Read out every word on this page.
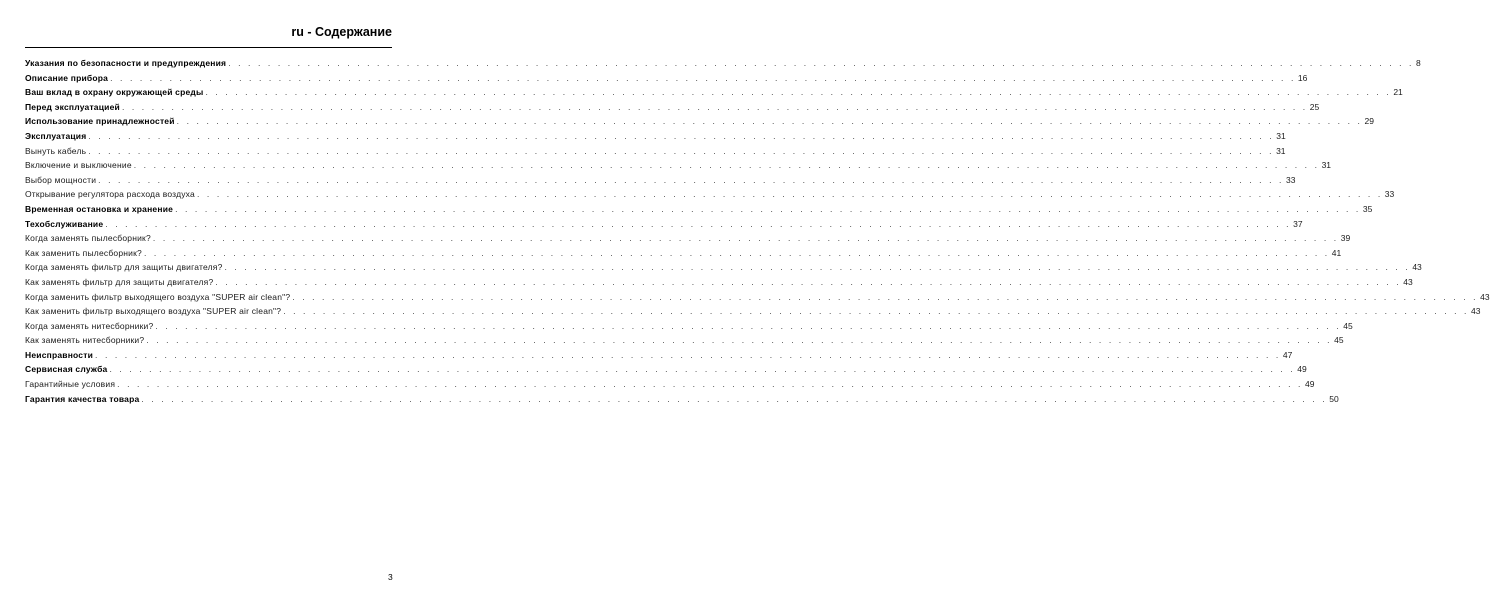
ru - Содержание
Указания по безопасности и предупреждения . . . . . . . . . . . . . . . . . . . . . . . . . . . . . . . . . . . . . . . . . . . . . . . . . . . . . . . . . . . . . . . . . . . . . . . . . . . . . . . . . . . . . . . . . . . . . . . . . . . . . . . . . . . . . . . . . . . . . . . . 8
Описание прибора . . . . . . . . . . . . . . . . . . . . . . . . . . . . . . . . . . . . . . . . . . . . . . . . . . . . . . . . . . . . . . . . . . . . . . . . . . . . . . . . . . . . . . . . . . . . . . . . . . . . . . . . . . . . . . . . . . . . . . . . 16
Ваш вклад в охрану окружающей среды . . . . . . . . . . . . . . . . . . . . . . . . . . . . . . . . . . . . . . . . . . . . . . . . . . . . . . . . . . . . . . . . . . . . . . . . . . . . . . . . . . . . . . . . . . . . . . . . . . . . . . . . . . . . . . . . . . . . . . . . 21
Перед эксплуатацией . . . . . . . . . . . . . . . . . . . . . . . . . . . . . . . . . . . . . . . . . . . . . . . . . . . . . . . . . . . . . . . . . . . . . . . . . . . . . . . . . . . . . . . . . . . . . . . . . . . . . . . . . . . . . . . . . . . . . . . . 25
Использование принадлежностей . . . . . . . . . . . . . . . . . . . . . . . . . . . . . . . . . . . . . . . . . . . . . . . . . . . . . . . . . . . . . . . . . . . . . . . . . . . . . . . . . . . . . . . . . . . . . . . . . . . . . . . . . . . . . . . . . . . . . . . . 29
Эксплуатация . . . . . . . . . . . . . . . . . . . . . . . . . . . . . . . . . . . . . . . . . . . . . . . . . . . . . . . . . . . . . . . . . . . . . . . . . . . . . . . . . . . . . . . . . . . . . . . . . . . . . . . . . . . . . . . . . . . . . . . . 31
Вынуть кабель . . . . . . . . . . . . . . . . . . . . . . . . . . . . . . . . . . . . . . . . . . . . . . . . . . . . . . . . . . . . . . . . . . . . . . . . . . . . . . . . . . . . . . . . . . . . . . . . . . . . . . . . . . . . . . . . . . . . . . . . 31
Включение и выключение . . . . . . . . . . . . . . . . . . . . . . . . . . . . . . . . . . . . . . . . . . . . . . . . . . . . . . . . . . . . . . . . . . . . . . . . . . . . . . . . . . . . . . . . . . . . . . . . . . . . . . . . . . . . . . . . . . . . . . . . 31
Выбор мощности . . . . . . . . . . . . . . . . . . . . . . . . . . . . . . . . . . . . . . . . . . . . . . . . . . . . . . . . . . . . . . . . . . . . . . . . . . . . . . . . . . . . . . . . . . . . . . . . . . . . . . . . . . . . . . . . . . . . . . . . 33
Открывание регулятора расхода воздуха . . . . . . . . . . . . . . . . . . . . . . . . . . . . . . . . . . . . . . . . . . . . . . . . . . . . . . . . . . . . . . . . . . . . . . . . . . . . . . . . . . . . . . . . . . . . . . . . . . . . . . . . . . . . . . . . . . . . . . . . 33
Временная остановка и хранение . . . . . . . . . . . . . . . . . . . . . . . . . . . . . . . . . . . . . . . . . . . . . . . . . . . . . . . . . . . . . . . . . . . . . . . . . . . . . . . . . . . . . . . . . . . . . . . . . . . . . . . . . . . . . . . . . . . . . . . . 35
Техобслуживание . . . . . . . . . . . . . . . . . . . . . . . . . . . . . . . . . . . . . . . . . . . . . . . . . . . . . . . . . . . . . . . . . . . . . . . . . . . . . . . . . . . . . . . . . . . . . . . . . . . . . . . . . . . . . . . . . . . . . . . . 37
Когда заменять пылесборник? . . . . . . . . . . . . . . . . . . . . . . . . . . . . . . . . . . . . . . . . . . . . . . . . . . . . . . . . . . . . . . . . . . . . . . . . . . . . . . . . . . . . . . . . . . . . . . . . . . . . . . . . . . . . . . . . . . . . . . . . 39
Как заменить пылесборник? . . . . . . . . . . . . . . . . . . . . . . . . . . . . . . . . . . . . . . . . . . . . . . . . . . . . . . . . . . . . . . . . . . . . . . . . . . . . . . . . . . . . . . . . . . . . . . . . . . . . . . . . . . . . . . . . . . . . . . . . 41
Когда заменять фильтр для защиты двигателя? . . . . . . . . . . . . . . . . . . . . . . . . . . . . . . . . . . . . . . . . . . . . . . . . . . . . . . . . . . . . . . . . . . . . . . . . . . . . . . . . . . . . . . . . . . . . . . . . . . . . . . . . . . . . . . . . . . . . . . . . 43
Как заменять фильтр для защиты двигателя? . . . . . . . . . . . . . . . . . . . . . . . . . . . . . . . . . . . . . . . . . . . . . . . . . . . . . . . . . . . . . . . . . . . . . . . . . . . . . . . . . . . . . . . . . . . . . . . . . . . . . . . . . . . . . . . . . . . . . . . . 43
Когда заменить фильтр выходящего воздуха "SUPER air clean"? . . . . . . . . . . . . . . . . . . . . . . . . . . . . . . . . . . . . . . . . . . . . . . . . . . . . . . . . . . . . . . . . . . . . . . . . . . . . . . . . . . . . . . . . . . . . . . . . . . . . . . . . . . . . . . . . . . . . . . . . 43
Как заменить фильтр выходящего воздуха "SUPER air clean"? . . . . . . . . . . . . . . . . . . . . . . . . . . . . . . . . . . . . . . . . . . . . . . . . . . . . . . . . . . . . . . . . . . . . . . . . . . . . . . . . . . . . . . . . . . . . . . . . . . . . . . . . . . . . . . . . . . . . . . . . 43
Когда заменять нитесборники? . . . . . . . . . . . . . . . . . . . . . . . . . . . . . . . . . . . . . . . . . . . . . . . . . . . . . . . . . . . . . . . . . . . . . . . . . . . . . . . . . . . . . . . . . . . . . . . . . . . . . . . . . . . . . . . . . . . . . . . . 45
Как заменять нитесборники? . . . . . . . . . . . . . . . . . . . . . . . . . . . . . . . . . . . . . . . . . . . . . . . . . . . . . . . . . . . . . . . . . . . . . . . . . . . . . . . . . . . . . . . . . . . . . . . . . . . . . . . . . . . . . . . . . . . . . . . . 45
Неисправности . . . . . . . . . . . . . . . . . . . . . . . . . . . . . . . . . . . . . . . . . . . . . . . . . . . . . . . . . . . . . . . . . . . . . . . . . . . . . . . . . . . . . . . . . . . . . . . . . . . . . . . . . . . . . . . . . . . . . . . . 47
Сервисная служба . . . . . . . . . . . . . . . . . . . . . . . . . . . . . . . . . . . . . . . . . . . . . . . . . . . . . . . . . . . . . . . . . . . . . . . . . . . . . . . . . . . . . . . . . . . . . . . . . . . . . . . . . . . . . . . . . . . . . . . . 49
Гарантийные условия . . . . . . . . . . . . . . . . . . . . . . . . . . . . . . . . . . . . . . . . . . . . . . . . . . . . . . . . . . . . . . . . . . . . . . . . . . . . . . . . . . . . . . . . . . . . . . . . . . . . . . . . . . . . . . . . . . . . . . . . 49
Гарантия качества товара . . . . . . . . . . . . . . . . . . . . . . . . . . . . . . . . . . . . . . . . . . . . . . . . . . . . . . . . . . . . . . . . . . . . . . . . . . . . . . . . . . . . . . . . . . . . . . . . . . . . . . . . . . . . . . . . . . . . . . . . 50
3
